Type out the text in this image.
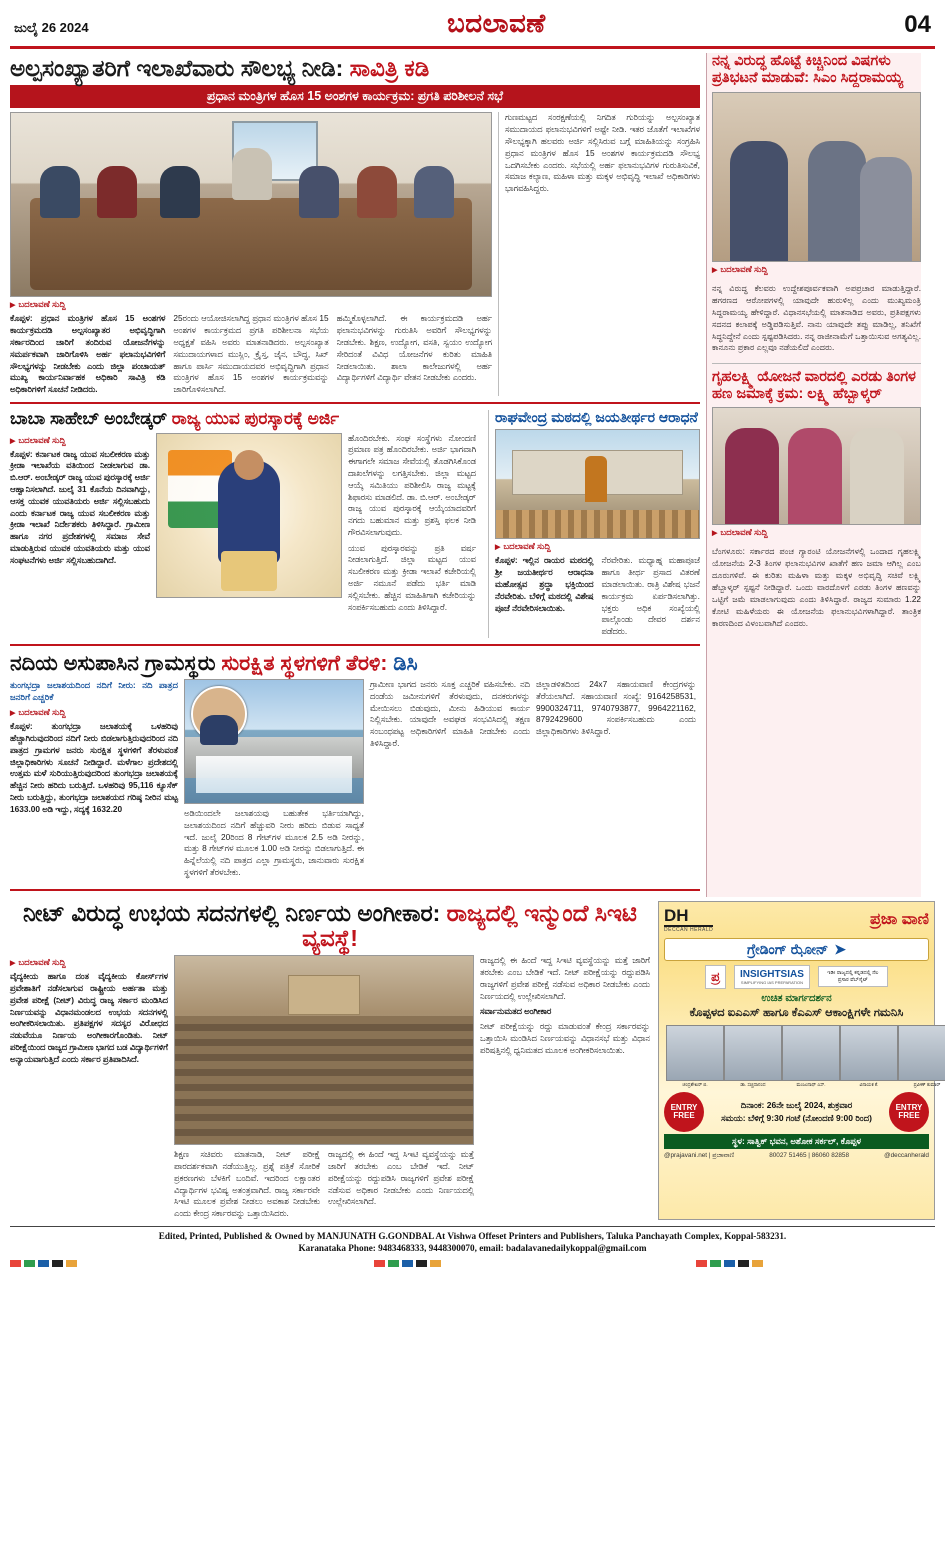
ಜುಲೈ 26 2024	ಬದಲಾವಣೆ	04
ಅಲ್ಪಸಂಖ್ಯಾತರಿಗೆ ಇಲಾಖೆವಾರು ಸೌಲಭ್ಯ ನೀಡಿ: ಸಾವಿತ್ರಿ ಕಡಿ
ಪ್ರಧಾನ ಮಂತ್ರಿಗಳ ಹೊಸ 15 ಅಂಶಗಳ ಕಾರ್ಯಕ್ರಮ: ಪ್ರಗತಿ ಪರಿಶೀಲನೆ ಸಭೆ
▶ ಬದಲಾವಣೆ ಸುದ್ದಿ

ಕೊಪ್ಪಳ: ಪ್ರಧಾನ ಮಂತ್ರಿಗಳ ಹೊಸ 15 ಅಂಶಗಳ ಕಾರ್ಯಕ್ರಮದಡಿ ಅಲ್ಪಸಂಖ್ಯಾತರ ಅಭಿವೃದ್ಧಿಗಾಗಿ ಸರ್ಕಾರದಿಂದ ಜಾರಿಗೆ ತಂದಿರುವ ಯೋಜನೆಗಳನ್ನು ಸಮರ್ಪಕವಾಗಿ ಜಾರಿಗೊಳಿಸಿ ಅರ್ಹ ಫಲಾನುಭವಿಗಳಿಗೆ ಸೌಲಭ್ಯಗಳನ್ನು ನೀಡಬೇಕು ಎಂದು ಜಿಲ್ಲಾ ಪಂಚಾಯತ್ ಮುಖ್ಯ ಕಾರ್ಯನಿರ್ವಾಹಕ ಅಧಿಕಾರಿ ಸಾವಿತ್ರಿ ಕಡಿ ಅಧಿಕಾರಿಗಳಿಗೆ ಸೂಚನೆ ನೀಡಿದರು.

25ರಂದು ಆಯೋಜಿಸಲಾಗಿದ್ದ ಪ್ರಧಾನ ಮಂತ್ರಿಗಳ ಹೊಸ 15 ಅಂಶಗಳ ಕಾರ್ಯಕ್ರಮದ ಪ್ರಗತಿ ಪರಿಶೀಲನಾ ಸಭೆಯ ಅಧ್ಯಕ್ಷತೆ ವಹಿಸಿ ಅವರು ಮಾತನಾಡಿದರು. ಅಲ್ಪಸಂಖ್ಯಾತ ಸಮುದಾಯಗಳಾದ ಮುಸ್ಲಿಂ, ಕ್ರೈಸ್ತ, ಜೈನ, ಬೌದ್ಧ, ಸಿಖ್ ಹಾಗೂ ಪಾರ್ಸಿ ಸಮುದಾಯದವರ ಅಭಿವೃದ್ಧಿಗಾಗಿ ಪ್ರಧಾನ ಮಂತ್ರಿಗಳ ಹೊಸ 15 ಅಂಶಗಳ ಕಾರ್ಯಕ್ರಮವನ್ನು ಜಾರಿಗೊಳಿಸಲಾಗಿದೆ.

ಹಮ್ಮಿಕೊಳ್ಳಲಾಗಿದೆ. ಈ ಕಾರ್ಯಕ್ರಮದಡಿ ಅರ್ಹ ಫಲಾನುಭವಿಗಳನ್ನು ಗುರುತಿಸಿ ಅವರಿಗೆ ಸೌಲಭ್ಯಗಳನ್ನು ನೀಡಬೇಕು. ಶಿಕ್ಷಣ, ಉದ್ಯೋಗ, ವಸತಿ, ಸ್ವಯಂ ಉದ್ಯೋಗ ಸೇರಿದಂತೆ ವಿವಿಧ ಯೋಜನೆಗಳ ಕುರಿತು ಮಾಹಿತಿ ನೀಡಲಾಯಿತು. ಶಾಲಾ ಕಾಲೇಜುಗಳಲ್ಲಿ ಅರ್ಹ ವಿದ್ಯಾರ್ಥಿಗಳಿಗೆ ವಿದ್ಯಾರ್ಥಿ ವೇತನ ನೀಡಬೇಕು ಎಂದರು.

ಗುಣಮಟ್ಟದ ಸಂರಕ್ಷಣೆಯಲ್ಲಿ ನಿಗದಿತ ಗುರಿಯನ್ನು ಅಲ್ಪಸಂಖ್ಯಾತ ಸಮುದಾಯದ ಫಲಾನುಭವಿಗಳಿಗೆ ಅಷ್ಟೇ ನೀಡಿ. ಇತರ ಜೊತೆಗೆ ಇಲಾಖೆಗಳ ಸೌಲಭ್ಯಕ್ಕಾಗಿ ಹಲವರು ಅರ್ಜಿ ಸಲ್ಲಿಸಿರುವ ಬಗ್ಗೆ ಮಾಹಿತಿಯನ್ನು ಸಂಗ್ರಹಿಸಿ ಪ್ರಧಾನ ಮಂತ್ರಿಗಳ ಹೊಸ 15 ಅಂಶಗಳ ಕಾರ್ಯಕ್ರಮದಡಿ ಸೌಲಭ್ಯ ಒದಗಿಸಬೇಕು ಎಂದರು. ಸಭೆಯಲ್ಲಿ ಅರ್ಹ ಫಲಾನುಭವಿಗಳ ಗುರುತಿಸುವಿಕೆ, ಸಮಾಜ ಕಲ್ಯಾಣ, ಮಹಿಳಾ ಮತ್ತು ಮಕ್ಕಳ ಅಭಿವೃದ್ಧಿ ಇಲಾಖೆ ಅಧಿಕಾರಿಗಳು ಭಾಗವಹಿಸಿದ್ದರು.

ಬಾಬಾ ಸಾಹೇಬ್ ಅಂಬೇಡ್ಕರ್ ರಾಜ್ಯ ಯುವ ಪುರಸ್ಕಾರಕ್ಕೆ ಅರ್ಜಿ
▶ ಬದಲಾವಣೆ ಸುದ್ದಿ

ಕೊಪ್ಪಳ: ಕರ್ನಾಟಕ ರಾಜ್ಯ ಯುವ ಸಬಲೀಕರಣ ಮತ್ತು ಕ್ರೀಡಾ ಇಲಾಖೆಯ ವತಿಯಿಂದ ನೀಡಲಾಗುವ ಡಾ. ಬಿ.ಆರ್. ಅಂಬೇಡ್ಕರ್ ರಾಜ್ಯ ಯುವ ಪುರಸ್ಕಾರಕ್ಕೆ ಅರ್ಜಿ ಆಹ್ವಾನಿಸಲಾಗಿದೆ. ಜುಲೈ 31 ಕೊನೆಯ ದಿನವಾಗಿದ್ದು, ಆಸಕ್ತ ಯುವಕ ಯುವತಿಯರು ಅರ್ಜಿ ಸಲ್ಲಿಸಬಹುದು ಎಂದು ಕರ್ನಾಟಕ ರಾಜ್ಯ ಯುವ ಸಬಲೀಕರಣ ಮತ್ತು ಕ್ರೀಡಾ ಇಲಾಖೆ ನಿರ್ದೇಶಕರು ತಿಳಿಸಿದ್ದಾರೆ. ಗ್ರಾಮೀಣ ಹಾಗೂ ನಗರ ಪ್ರದೇಶಗಳಲ್ಲಿ ಸಮಾಜ ಸೇವೆ ಮಾಡುತ್ತಿರುವ ಯುವಕ ಯುವತಿಯರು ಮತ್ತು ಯುವ ಸಂಘಟನೆಗಳು ಅರ್ಜಿ ಸಲ್ಲಿಸಬಹುದಾಗಿದೆ.

ಹೊಂದಿರಬೇಕು. ಸಂಘ ಸಂಸ್ಥೆಗಳು ನೋಂದಣಿ ಪ್ರಮಾಣ ಪತ್ರ ಹೊಂದಿರಬೇಕು. ಅರ್ಜಿ ಭಾಗವಾಗಿ ಈಗಾಗಲೇ ಸಮಾಜ ಸೇವೆಯಲ್ಲಿ ತೊಡಗಿಸಿಕೊಂಡ ದಾಖಲೆಗಳನ್ನು ಲಗತ್ತಿಸಬೇಕು. ಜಿಲ್ಲಾ ಮಟ್ಟದ ಆಯ್ಕೆ ಸಮಿತಿಯು ಪರಿಶೀಲಿಸಿ ರಾಜ್ಯ ಮಟ್ಟಕ್ಕೆ ಶಿಫಾರಸು ಮಾಡಲಿದೆ. ಡಾ. ಬಿ.ಆರ್. ಅಂಬೇಡ್ಕರ್ ರಾಜ್ಯ ಯುವ ಪುರಸ್ಕಾರಕ್ಕೆ ಆಯ್ಕೆಯಾದವರಿಗೆ ನಗದು ಬಹುಮಾನ ಮತ್ತು ಪ್ರಶಸ್ತಿ ಫಲಕ ನೀಡಿ ಗೌರವಿಸಲಾಗುವುದು.

ಯುವ ಪುರಸ್ಕಾರವನ್ನು ಪ್ರತಿ ವರ್ಷ ನೀಡಲಾಗುತ್ತಿದೆ. ಜಿಲ್ಲಾ ಮಟ್ಟದ ಯುವ ಸಬಲೀಕರಣ ಮತ್ತು ಕ್ರೀಡಾ ಇಲಾಖೆ ಕಚೇರಿಯಲ್ಲಿ ಅರ್ಜಿ ನಮೂನೆ ಪಡೆದು ಭರ್ತಿ ಮಾಡಿ ಸಲ್ಲಿಸಬೇಕು. ಹೆಚ್ಚಿನ ಮಾಹಿತಿಗಾಗಿ ಕಚೇರಿಯನ್ನು ಸಂಪರ್ಕಿಸಬಹುದು ಎಂದು ತಿಳಿಸಿದ್ದಾರೆ.

ರಾಘವೇಂದ್ರ ಮಠದಲ್ಲಿ ಜಯತೀರ್ಥರ ಆರಾಧನೆ
▶ ಬದಲಾವಣೆ ಸುದ್ದಿ

ಕೊಪ್ಪಳ: ಇಲ್ಲಿನ ರಾಯರ ಮಠದಲ್ಲಿ ಶ್ರೀ ಜಯತೀರ್ಥರ ಆರಾಧನಾ ಮಹೋತ್ಸವ ಶ್ರದ್ಧಾ ಭಕ್ತಿಯಿಂದ ನೆರವೇರಿತು. ಬೆಳಿಗ್ಗೆ ಮಠದಲ್ಲಿ ವಿಶೇಷ ಪೂಜೆ ನೆರವೇರಿಸಲಾಯಿತು.

ನೆರವೇರಿತು. ಮಧ್ಯಾಹ್ನ ಮಹಾಪೂಜೆ ಹಾಗೂ ತೀರ್ಥ ಪ್ರಸಾದ ವಿತರಣೆ ಮಾಡಲಾಯಿತು. ರಾತ್ರಿ ವಿಶೇಷ ಭಜನೆ ಕಾರ್ಯಕ್ರಮ ಏರ್ಪಡಿಸಲಾಗಿತ್ತು. ಭಕ್ತರು ಅಧಿಕ ಸಂಖ್ಯೆಯಲ್ಲಿ ಪಾಲ್ಗೊಂಡು ದೇವರ ದರ್ಶನ ಪಡೆದರು.

ನದಿಯ ಅಸುಪಾಸಿನ ಗ್ರಾಮಸ್ಥರು ಸುರಕ್ಷಿತ ಸ್ಥಳಗಳಿಗೆ ತೆರಳಿ: ಡಿಸಿ
ತುಂಗಭದ್ರಾ ಜಲಾಶಯದಿಂದ ನದಿಗೆ ನೀರು: ನದಿ ಪಾತ್ರದ ಜನರಿಗೆ ಎಚ್ಚರಿಕೆ
▶ ಬದಲಾವಣೆ ಸುದ್ದಿ

ಕೊಪ್ಪಳ: ತುಂಗಭದ್ರಾ ಜಲಾಶಯಕ್ಕೆ ಒಳಹರಿವು ಹೆಚ್ಚಾಗಿರುವುದರಿಂದ ನದಿಗೆ ನೀರು ಬಿಡಲಾಗುತ್ತಿರುವುದರಿಂದ ನದಿ ಪಾತ್ರದ ಗ್ರಾಮಗಳ ಜನರು ಸುರಕ್ಷಿತ ಸ್ಥಳಗಳಿಗೆ ತೆರಳುವಂತೆ ಜಿಲ್ಲಾಧಿಕಾರಿಗಳು ಸೂಚನೆ ನೀಡಿದ್ದಾರೆ. ಮಳೆಗಾಲ ಪ್ರದೇಶದಲ್ಲಿ ಉತ್ತಮ ಮಳೆ ಸುರಿಯುತ್ತಿರುವುದರಿಂದ ತುಂಗಭದ್ರಾ ಜಲಾಶಯಕ್ಕೆ ಹೆಚ್ಚಿನ ನೀರು ಹರಿದು ಬರುತ್ತಿದೆ. ಒಳಹರಿವು 95,116 ಕ್ಯೂಸೆಕ್ ನೀರು ಬರುತ್ತಿದ್ದು, ತುಂಗಭದ್ರಾ ಜಲಾಶಯದ ಗರಿಷ್ಠ ನೀರಿನ ಮಟ್ಟ 1633.00 ಅಡಿ ಇದ್ದು, ಸದ್ಯಕ್ಕೆ 1632.20	ಅಡಿಯಿಂದಲೇ ಜಲಾಶಯವು ಬಹುತೇಕ ಭರ್ತಿಯಾಗಿದ್ದು, ಜಲಾಶಯದಿಂದ ನದಿಗೆ ಹೆಚ್ಚುವರಿ ನೀರು ಹರಿದು ಬಿಡುವ ಸಾಧ್ಯತೆ ಇದೆ. ಜುಲೈ 20ರಿಂದ 8 ಗೇಟ್‌ಗಳ ಮೂಲಕ 2.5 ಅಡಿ ನೀರನ್ನು, ಮತ್ತು 8 ಗೇಟ್‌ಗಳ ಮೂಲಕ 1.00 ಅಡಿ ನೀರನ್ನು ಬಿಡಲಾಗುತ್ತಿದೆ. ಈ ಹಿನ್ನೆಲೆಯಲ್ಲಿ ನದಿ ಪಾತ್ರದ ಎಲ್ಲಾ ಗ್ರಾಮಸ್ಥರು, ಜಾನುವಾರು ಸುರಕ್ಷಿತ ಸ್ಥಳಗಳಿಗೆ ತೆರಳಬೇಕು.

ಗ್ರಾಮೀಣ ಭಾಗದ ಜನರು ಸೂಕ್ತ ಎಚ್ಚರಿಕೆ ವಹಿಸಬೇಕು. ನದಿ ದಂಡೆಯ ಜಮೀನುಗಳಿಗೆ ತೆರಳುವುದು, ದನಕರುಗಳನ್ನು ಮೇಯಿಸಲು ಬಿಡುವುದು, ಮೀನು ಹಿಡಿಯುವ ಕಾರ್ಯ ನಿಲ್ಲಿಸಬೇಕು. ಯಾವುದೇ ಅವಘಡ ಸಂಭವಿಸಿದಲ್ಲಿ ತಕ್ಷಣ ಸಂಬಂಧಪಟ್ಟ ಅಧಿಕಾರಿಗಳಿಗೆ ಮಾಹಿತಿ ನೀಡಬೇಕು ಎಂದು ತಿಳಿಸಿದ್ದಾರೆ.

ಜಿಲ್ಲಾಡಳಿತದಿಂದ 24x7 ಸಹಾಯವಾಣಿ ಕೇಂದ್ರಗಳನ್ನು ತೆರೆಯಲಾಗಿದೆ. ಸಹಾಯವಾಣಿ ಸಂಖ್ಯೆ: 9164258531, 9900324711, 9740793877, 9964221162, 8792429600 ಸಂಪರ್ಕಿಸಬಹುದು ಎಂದು ಜಿಲ್ಲಾಧಿಕಾರಿಗಳು ತಿಳಿಸಿದ್ದಾರೆ.

ನನ್ನ ವಿರುದ್ಧ ಹೊಟ್ಟೆ ಕಿಚ್ಚಿನಿಂದ ವಿಷಗಳು ಪ್ರತಿಭಟನೆ ಮಾಡುವೆ: ಸಿಎಂ ಸಿದ್ದರಾಮಯ್ಯ
▶ ಬದಲಾವಣೆ ಸುದ್ದಿ

ನನ್ನ ವಿರುದ್ಧ ಕೆಲವರು ಉದ್ದೇಶಪೂರ್ವಕವಾಗಿ ಅಪಪ್ರಚಾರ ಮಾಡುತ್ತಿದ್ದಾರೆ. ಹಗರಣದ ಆರೋಪಗಳಲ್ಲಿ ಯಾವುದೇ ಹುರುಳಿಲ್ಲ ಎಂದು ಮುಖ್ಯಮಂತ್ರಿ ಸಿದ್ದರಾಮಯ್ಯ ಹೇಳಿದ್ದಾರೆ. ವಿಧಾನಸಭೆಯಲ್ಲಿ ಮಾತನಾಡಿದ ಅವರು, ಪ್ರತಿಪಕ್ಷಗಳು ಸದನದ ಕಲಾಪಕ್ಕೆ ಅಡ್ಡಿಪಡಿಸುತ್ತಿವೆ. ನಾನು ಯಾವುದೇ ತಪ್ಪು ಮಾಡಿಲ್ಲ, ತನಿಖೆಗೆ ಸಿದ್ಧನಿದ್ದೇನೆ ಎಂದು ಸ್ಪಷ್ಟಪಡಿಸಿದರು. ನನ್ನ ರಾಜೀನಾಮೆಗೆ ಒತ್ತಾಯಿಸುವ ಅಗತ್ಯವಿಲ್ಲ. ಕಾನೂನು ಪ್ರಕಾರ ಎಲ್ಲವೂ ನಡೆಯಲಿದೆ ಎಂದರು.

ಗೃಹಲಕ್ಷ್ಮಿ ಯೋಜನೆ ವಾರದಲ್ಲಿ ಎರಡು ತಿಂಗಳ ಹಣ ಜಮಾಕ್ಕೆ ಕ್ರಮ: ಲಕ್ಷ್ಮಿ ಹೆಬ್ಬಾಳ್ಕರ್
▶ ಬದಲಾವಣೆ ಸುದ್ದಿ

ಬೆಂಗಳೂರು: ಸರ್ಕಾರದ ಪಂಚ ಗ್ಯಾರಂಟಿ ಯೋಜನೆಗಳಲ್ಲಿ ಒಂದಾದ ಗೃಹಲಕ್ಷ್ಮಿ ಯೋಜನೆಯ 2-3 ತಿಂಗಳ ಫಲಾನುಭವಿಗಳ ಖಾತೆಗೆ ಹಣ ಜಮಾ ಆಗಿಲ್ಲ ಎಂಬ ದೂರುಗಳಿವೆ. ಈ ಕುರಿತು ಮಹಿಳಾ ಮತ್ತು ಮಕ್ಕಳ ಅಭಿವೃದ್ಧಿ ಸಚಿವೆ ಲಕ್ಷ್ಮಿ ಹೆಬ್ಬಾಳ್ಕರ್ ಸ್ಪಷ್ಟನೆ ನೀಡಿದ್ದಾರೆ. ಒಂದು ವಾರದೊಳಗೆ ಎರಡು ತಿಂಗಳ ಹಣವನ್ನು ಒಟ್ಟಿಗೆ ಜಮೆ ಮಾಡಲಾಗುವುದು ಎಂದು ತಿಳಿಸಿದ್ದಾರೆ. ರಾಜ್ಯದ ಸುಮಾರು 1.22 ಕೋಟಿ ಮಹಿಳೆಯರು ಈ ಯೋಜನೆಯ ಫಲಾನುಭವಿಗಳಾಗಿದ್ದಾರೆ. ತಾಂತ್ರಿಕ ಕಾರಣದಿಂದ ವಿಳಂಬವಾಗಿದೆ ಎಂದರು.

ನೀಟ್ ವಿರುದ್ಧ ಉಭಯ ಸದನಗಳಲ್ಲಿ ನಿರ್ಣಯ ಅಂಗೀಕಾರ: ರಾಜ್ಯದಲ್ಲಿ ಇನ್ಮುಂದೆ ಸಿಇಟಿ ವ್ಯವಸ್ಥೆ!
▶ ಬದಲಾವಣೆ ಸುದ್ದಿ

ವೈದ್ಯಕೀಯ ಹಾಗೂ ದಂತ ವೈದ್ಯಕೀಯ ಕೋರ್ಸ್‌ಗಳ ಪ್ರವೇಶಾತಿಗೆ ನಡೆಸಲಾಗುವ ರಾಷ್ಟ್ರೀಯ ಅರ್ಹತಾ ಮತ್ತು ಪ್ರವೇಶ ಪರೀಕ್ಷೆ (ನೀಟ್) ವಿರುದ್ಧ ರಾಜ್ಯ ಸರ್ಕಾರ ಮಂಡಿಸಿದ ನಿರ್ಣಯವನ್ನು ವಿಧಾನಮಂಡಲದ ಉಭಯ ಸದನಗಳಲ್ಲಿ ಅಂಗೀಕರಿಸಲಾಯಿತು. ಪ್ರತಿಪಕ್ಷಗಳ ಸದಸ್ಯರ ವಿರೋಧದ ನಡುವೆಯೂ ನಿರ್ಣಯ ಅಂಗೀಕಾರಗೊಂಡಿತು. ನೀಟ್ ಪರೀಕ್ಷೆಯಿಂದ ರಾಜ್ಯದ ಗ್ರಾಮೀಣ ಭಾಗದ ಬಡ ವಿದ್ಯಾರ್ಥಿಗಳಿಗೆ ಅನ್ಯಾಯವಾಗುತ್ತಿದೆ ಎಂದು ಸರ್ಕಾರ ಪ್ರತಿಪಾದಿಸಿದೆ.

ಶಿಕ್ಷಣ ಸಚಿವರು ಮಾತನಾಡಿ, ನೀಟ್ ಪರೀಕ್ಷೆ ಪಾರದರ್ಶಕವಾಗಿ ನಡೆಯುತ್ತಿಲ್ಲ. ಪ್ರಶ್ನೆ ಪತ್ರಿಕೆ ಸೋರಿಕೆ ಪ್ರಕರಣಗಳು ಬೆಳಕಿಗೆ ಬಂದಿವೆ. ಇದರಿಂದ ಲಕ್ಷಾಂತರ ವಿದ್ಯಾರ್ಥಿಗಳ ಭವಿಷ್ಯ ಅತಂತ್ರವಾಗಿದೆ. ರಾಜ್ಯ ಸರ್ಕಾರವೇ ಸಿಇಟಿ ಮೂಲಕ ಪ್ರವೇಶ ನೀಡಲು ಅವಕಾಶ ನೀಡಬೇಕು ಎಂದು ಕೇಂದ್ರ ಸರ್ಕಾರವನ್ನು ಒತ್ತಾಯಿಸಿದರು.

ರಾಜ್ಯದಲ್ಲಿ ಈ ಹಿಂದೆ ಇದ್ದ ಸಿಇಟಿ ವ್ಯವಸ್ಥೆಯನ್ನು ಮತ್ತೆ ಜಾರಿಗೆ ತರಬೇಕು ಎಂಬ ಬೇಡಿಕೆ ಇದೆ. ನೀಟ್ ಪರೀಕ್ಷೆಯನ್ನು ರದ್ದುಪಡಿಸಿ ರಾಜ್ಯಗಳಿಗೆ ಪ್ರವೇಶ ಪರೀಕ್ಷೆ ನಡೆಸುವ ಅಧಿಕಾರ ನೀಡಬೇಕು ಎಂದು ನಿರ್ಣಯದಲ್ಲಿ ಉಲ್ಲೇಖಿಸಲಾಗಿದೆ.

ರಾಜ್ಯದಲ್ಲಿ ಈ ಹಿಂದೆ ಇದ್ದ ಸಿಇಟಿ ವ್ಯವಸ್ಥೆಯನ್ನು ಮತ್ತೆ ಜಾರಿಗೆ ತರಬೇಕು ಎಂಬ ಬೇಡಿಕೆ ಇದೆ. ನೀಟ್ ಪರೀಕ್ಷೆಯನ್ನು ರದ್ದುಪಡಿಸಿ ರಾಜ್ಯಗಳಿಗೆ ಪ್ರವೇಶ ಪರೀಕ್ಷೆ ನಡೆಸುವ ಅಧಿಕಾರ ನೀಡಬೇಕು ಎಂದು ನಿರ್ಣಯದಲ್ಲಿ ಉಲ್ಲೇಖಿಸಲಾಗಿದೆ.

ಸರ್ವಾನುಮತದ ಅಂಗೀಕಾರ

ನೀಟ್ ಪರೀಕ್ಷೆಯನ್ನು ರದ್ದು ಮಾಡುವಂತೆ ಕೇಂದ್ರ ಸರ್ಕಾರವನ್ನು ಒತ್ತಾಯಿಸಿ ಮಂಡಿಸಿದ ನಿರ್ಣಯವನ್ನು ವಿಧಾನಸಭೆ ಮತ್ತು ವಿಧಾನ ಪರಿಷತ್ತಿನಲ್ಲಿ ಧ್ವನಿಮತದ ಮೂಲಕ ಅಂಗೀಕರಿಸಲಾಯಿತು.

DH
DECCAN HERALD
ಪ್ರಜಾ ವಾಣಿ
ಗ್ರೇಡಿಂಗ್ ಝೋನ್ ➤
ಪ್ರ	INSIGHTSIAS
SIMPLIFYING IAS PREPARATION
ಇಡೀ ರಾಜ್ಯದಲ್ಲಿ ಕನ್ನಡದಲ್ಲಿ ನೆಲ ಪ್ರಸಾರ ವೆಬ್‌ಸೈಟ್
ಉಚಿತ ಮಾರ್ಗದರ್ಶನ
ಕೊಪ್ಪಳದ ಐಎಎಸ್ ಹಾಗೂ ಕೆಎಎಸ್ ಆಕಾಂಕ್ಷಿಗಳೇ ಗಮನಿಸಿ
ಚಂದ್ರಶೇಖರ್ ಬಿ.	ಡಾ. ಸಚ್ಚಿದಾನಂದ	ಮಂಜುನಾಥ್ ಎಸ್.	ವಿನಾಯಕ ಕೆ.	ಪ್ರವೀಣ್ ಕುಮಾರ್
ENTRY FREE
ದಿನಾಂಕ: 26ನೇ ಜುಲೈ 2024, ಶುಕ್ರವಾರ
ಸಮಯ: ಬೆಳಿಗ್ಗೆ 9:30 ಗಂಟೆ (ನೋಂದಣಿ 9:00 ರಿಂದ)
ENTRY FREE
ಸ್ಥಳ: ಸಾತ್ವಿಕ್ ಭವನ, ಅಶೋಕ ಸರ್ಕಲ್, ಕೊಪ್ಪಳ
@prajavani.net | ಪ್ರಜಾವಾಣಿ	80027 51465 | 86060 82858	@deccanherald
Edited, Printed, Published & Owned by MANJUNATH G.GONDBAL At Vishwa Offeset Printers and Publishers, Taluka Panchayath Complex, Koppal-583231.
Karanataka Phone: 9483468333, 9448300070, email: badalavanedailykoppal@gmail.com
